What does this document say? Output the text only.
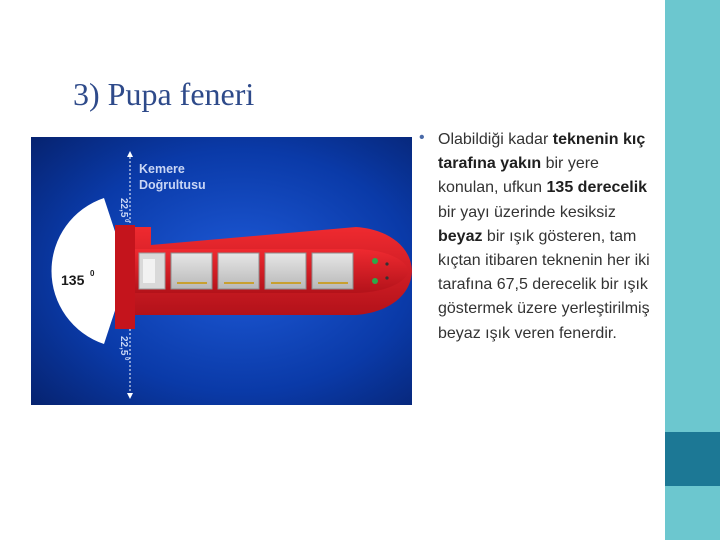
3) Pupa feneri
Kemere
Doğrultusu
135 0
22,5
0
22,5
0
• Olabildiği kadar teknenin kıç tarafına yakın bir yere konulan, ufkun 135 derecelik bir yayı üzerinde kesiksiz beyaz bir ışık gösteren, tam kıçtan itibaren teknenin her iki tarafına 67,5 derecelik bir ışık göstermek üzere yerleştirilmiş beyaz ışık veren fenerdir.
